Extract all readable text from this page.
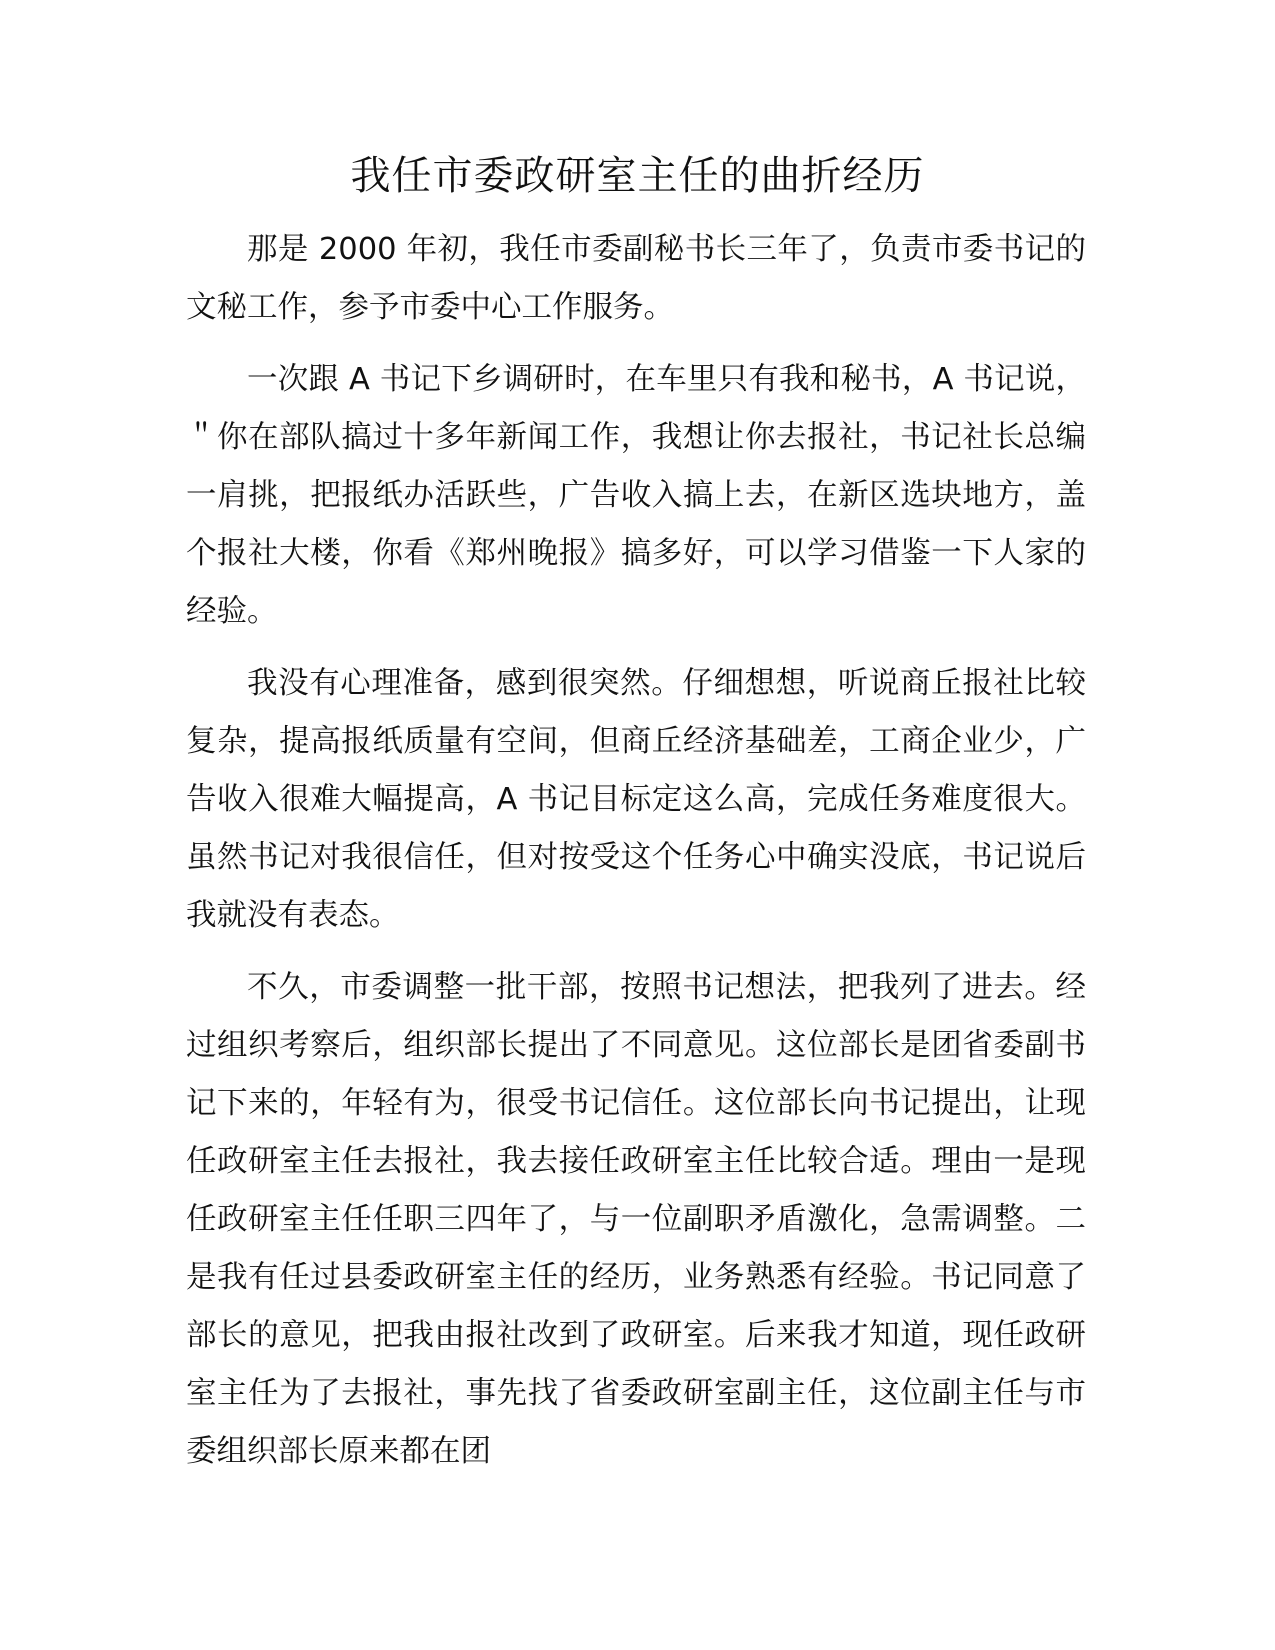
我任市委政研室主任的曲折经历

那是 2000 年初，我任市委副秘书长三年了，负责市委书记的文秘工作，参予市委中心工作服务。

一次跟 A 书记下乡调研时，在车里只有我和秘书，A 书记说，＂你在部队搞过十多年新闻工作，我想让你去报社，书记社长总编一肩挑，把报纸办活跃些，广告收入搞上去，在新区选块地方，盖个报社大楼，你看《郑州晚报》搞多好，可以学习借鉴一下人家的经验。

我没有心理准备，感到很突然。仔细想想，听说商丘报社比较复杂，提高报纸质量有空间，但商丘经济基础差，工商企业少，广告收入很难大幅提高，A 书记目标定这么高，完成任务难度很大。虽然书记对我很信任，但对按受这个任务心中确实没底，书记说后我就没有表态。

不久，市委调整一批干部，按照书记想法，把我列了进去。经过组织考察后，组织部长提出了不同意见。这位部长是团省委副书记下来的，年轻有为，很受书记信任。这位部长向书记提出，让现任政研室主任去报社，我去接任政研室主任比较合适。理由一是现任政研室主任任职三四年了，与一位副职矛盾激化，急需调整。二是我有任过县委政研室主任的经历，业务熟悉有经验。书记同意了部长的意见，把我由报社改到了政研室。后来我才知道，现任政研室主任为了去报社，事先找了省委政研室副主任，这位副主任与市委组织部长原来都在团
